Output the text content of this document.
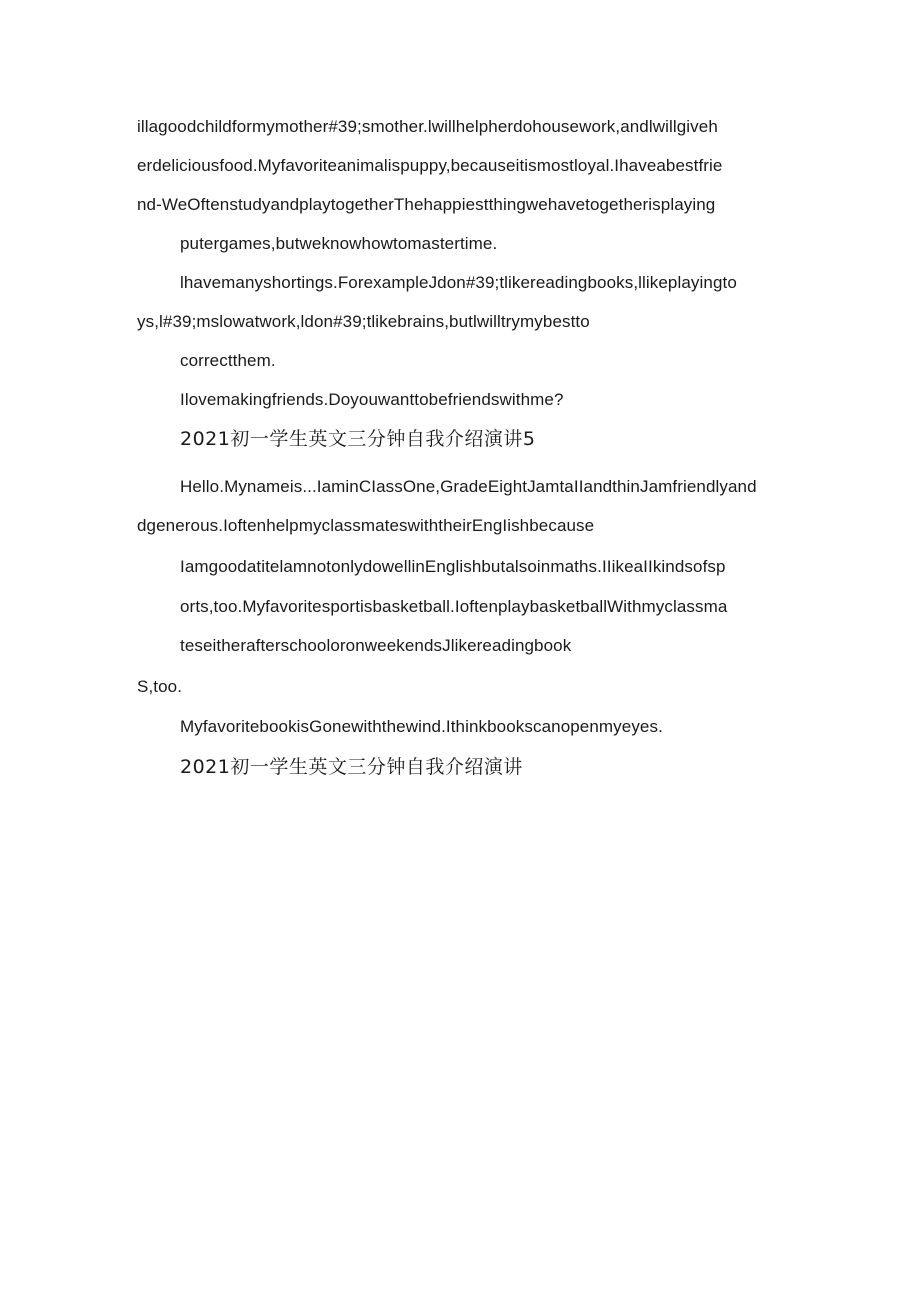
illagoodchildformymother#39;smother.lwillhelpherdohousework,andlwillgiveh
erdeliciousfood.Myfavoriteanimalispuppy,becauseitismostloyal.Ihaveabestfrie
nd-WeOftenstudyandplaytogetherThehappiestthingwehavetogetherisplaying
putergames,butweknowhowtomastertime.
lhavemanyshortings.ForexampleJdon#39;tlikereadingbooks,llikeplayingto
ys,l#39;mslowatwork,ldon#39;tlikebrains,butlwilltrymybestto
correctthem.
Ilovemakingfriends.Doyouwanttobefriendswithme?
2021初一学生英文三分钟自我介绍演讲5
Hello.Mynameis...IaminCIassOne,GradeEightJamtaIIandthinJamfriendlyand
dgenerous.IoftenhelpmyclassmateswiththeirEngIishbecause
IamgoodatitelamnotonlydowellinEnglishbutalsoinmaths.IIikeaIIkindsofsp
orts,too.Myfavoritesportisbasketball.IoftenplaybasketballWithmyclassma
teseitherafterschooloronweekendsJlikereadingbook
S,too.
MyfavoritebookisGonewiththewind.Ithinkbookscanopenmyeyes.
2021初一学生英文三分钟自我介绍演讲
